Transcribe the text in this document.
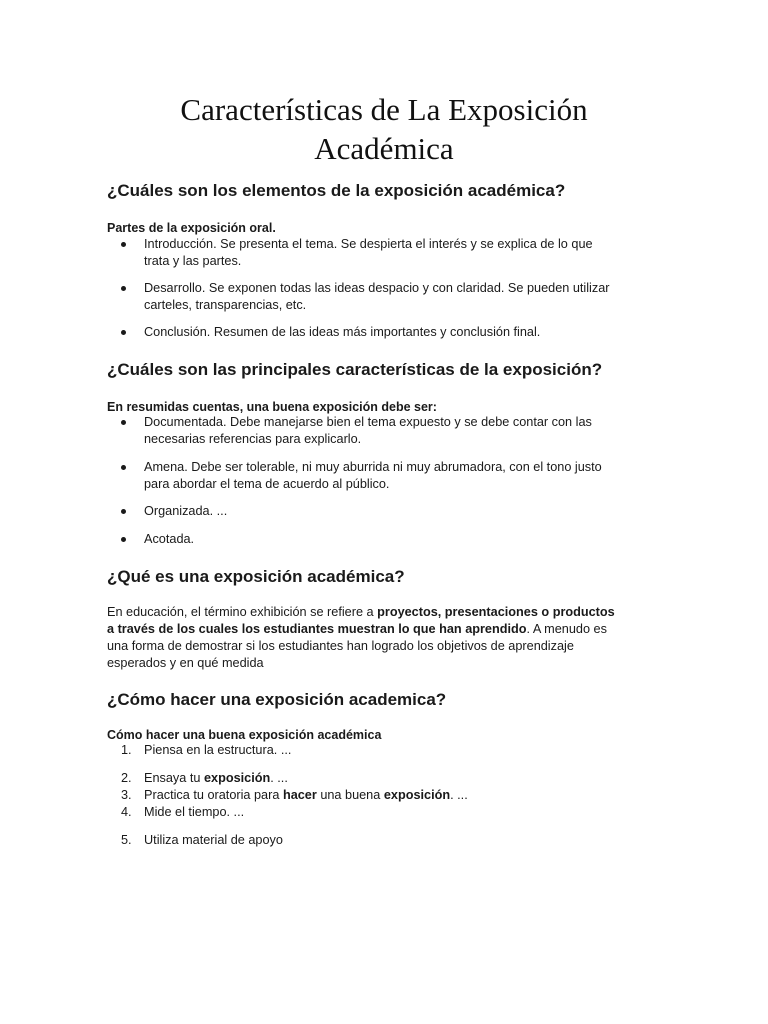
Características de La Exposición
Académica
¿Cuáles son los elementos de la exposición académica?
Partes de la exposición oral.
Introducción. Se presenta el tema. Se despierta el interés y se explica de lo que
trata y las partes.
Desarrollo. Se exponen todas las ideas despacio y con claridad. Se pueden utilizar
carteles, transparencias, etc.
Conclusión. Resumen de las ideas más importantes y conclusión final.
¿Cuáles son las principales características de la exposición?
En resumidas cuentas, una buena exposición debe ser:
Documentada. Debe manejarse bien el tema expuesto y se debe contar con las
necesarias referencias para explicarlo.
Amena. Debe ser tolerable, ni muy aburrida ni muy abrumadora, con el tono justo
para abordar el tema de acuerdo al público.
Organizada. ...
Acotada.
¿Qué es una exposición académica?
En educación, el término exhibición se refiere a proyectos, presentaciones o productos
a través de los cuales los estudiantes muestran lo que han aprendido. A menudo es
una forma de demostrar si los estudiantes han logrado los objetivos de aprendizaje
esperados y en qué medida
¿Cómo hacer una exposición academica?
Cómo hacer una buena exposición académica
1. Piensa en la estructura. ...
2. Ensaya tu exposición. ...
3. Practica tu oratoria para hacer una buena exposición. ...
4. Mide el tiempo. ...
5. Utiliza material de apoyo
